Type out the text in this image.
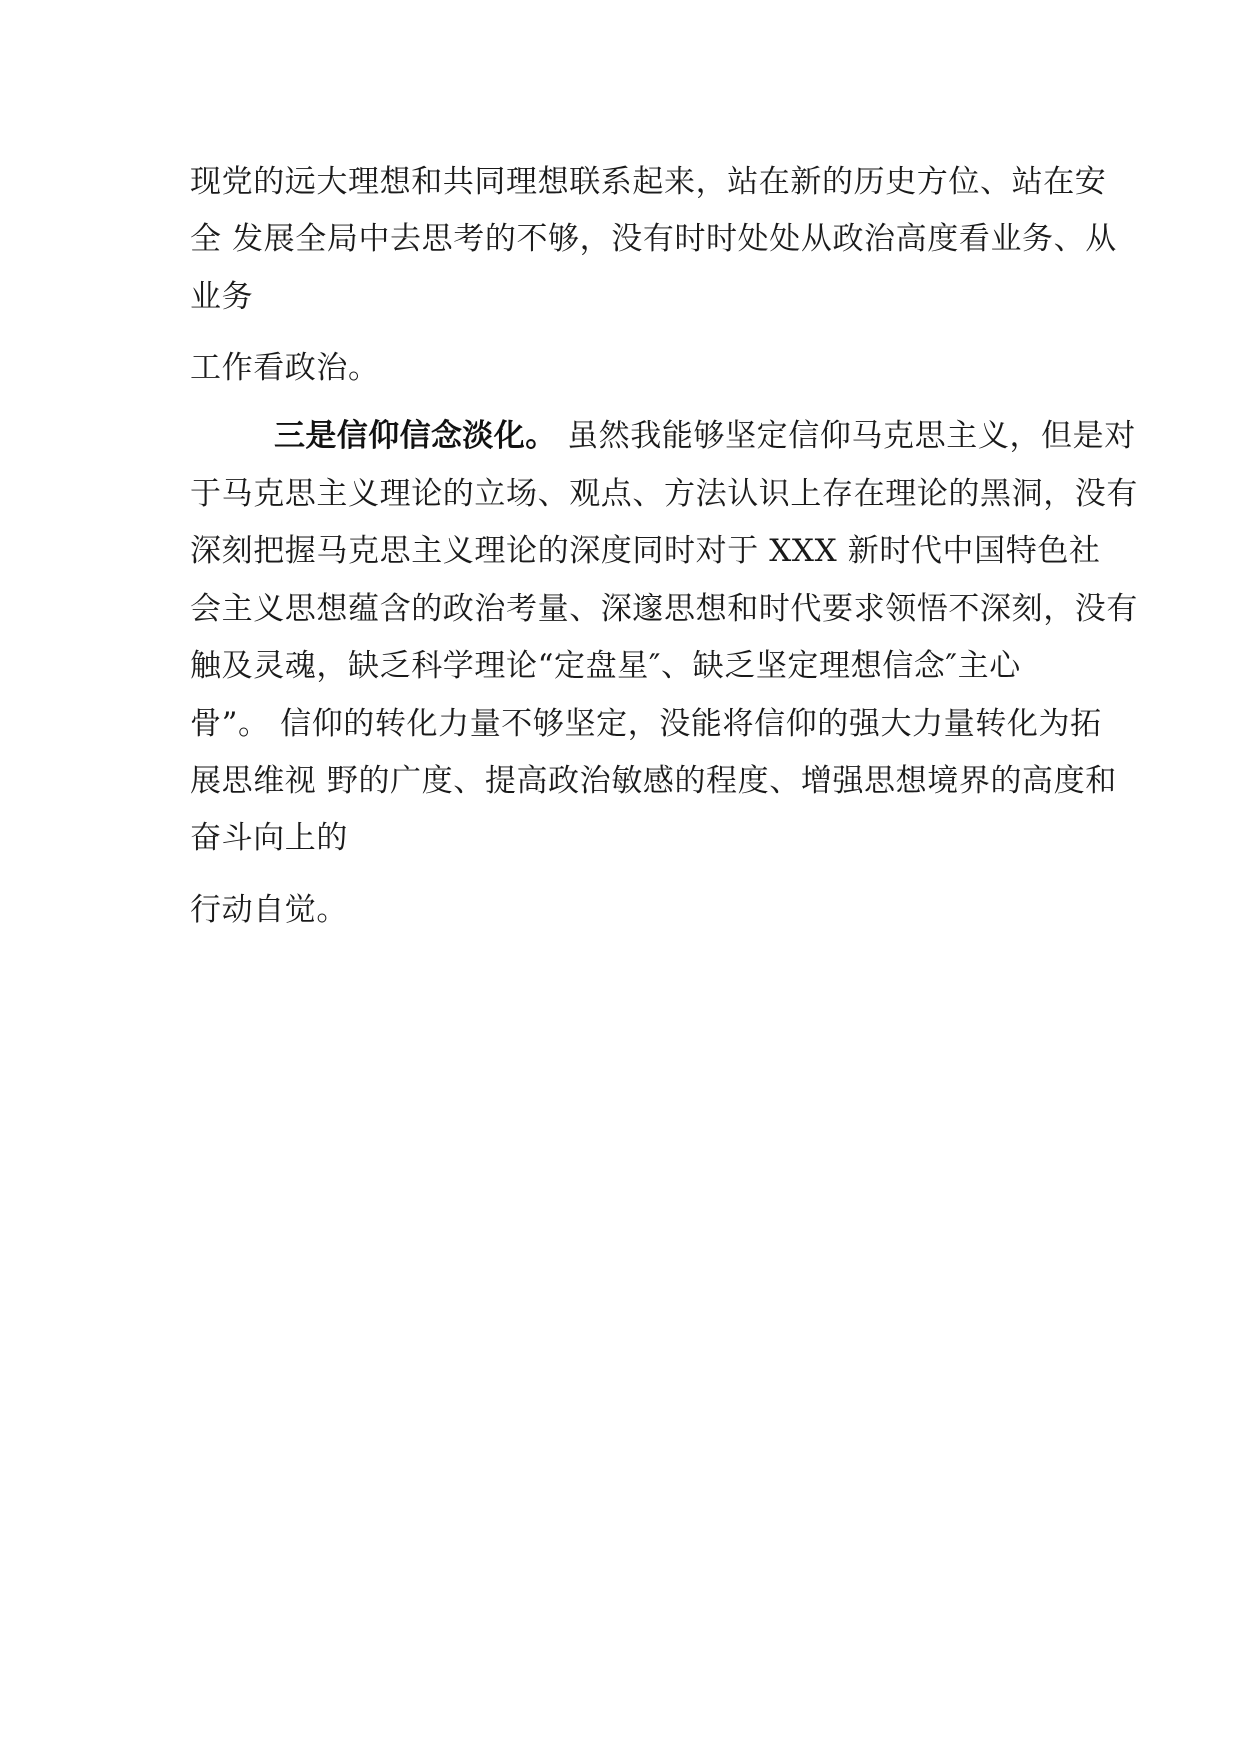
现党的远大理想和共同理想联系起来，站在新的历史方位、站在安
全 发展全局中去思考的不够，没有时时处处从政治高度看业务、从
业务
工作看政治。
三是信仰信念淡化。 虽然我能够坚定信仰马克思主义，但是对
于马克思主义理论的立场、观点、方法认识上存在理论的黑洞，没有
深刻把握马克思主义理论的深度同时对于 XXX 新时代中国特色社
会主义思想蕴含的政治考量、深邃思想和时代要求领悟不深刻，没有
触及灵魂，缺乏科学理论“定盘星″、缺乏坚定理想信念″主心
骨”。 信仰的转化力量不够坚定，没能将信仰的强大力量转化为拓
展思维视 野的广度、提高政治敏感的程度、增强思想境界的高度和
奋斗向上的
行动自觉。
